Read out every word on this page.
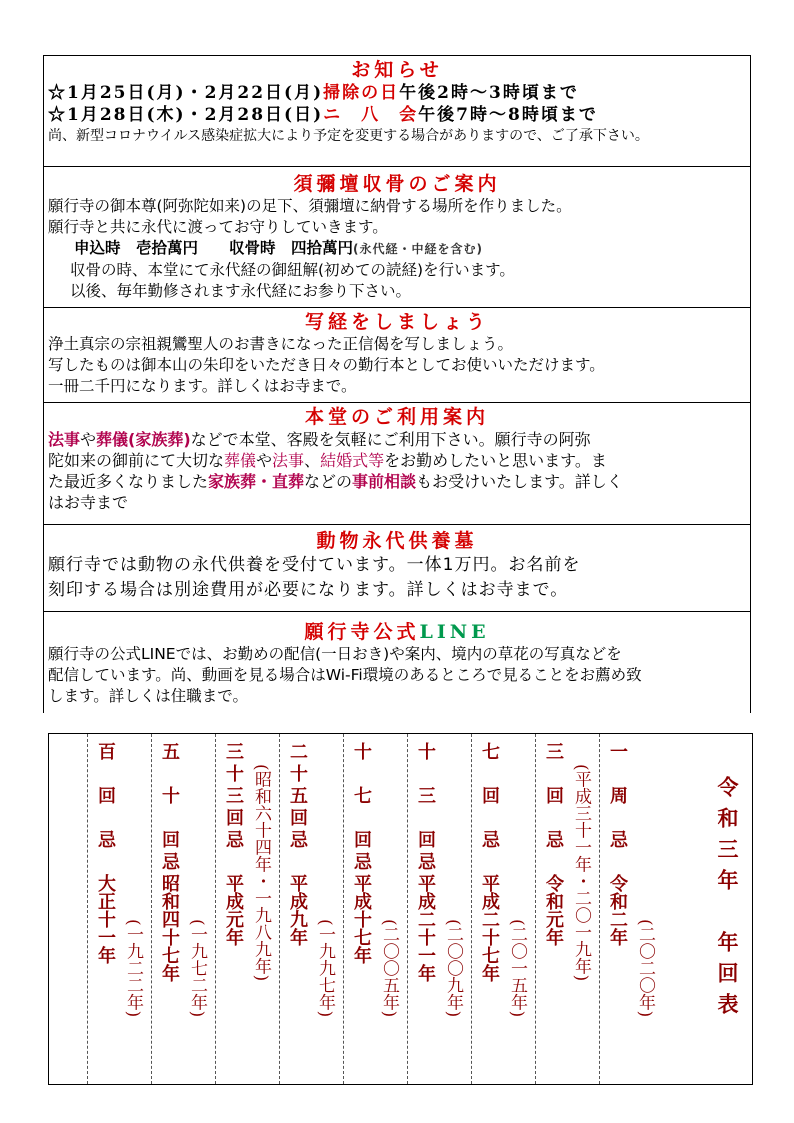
お知らせ
☆1月25日(月)・2月22日(月)掃除の日午後2時～3時頃まで
☆1月28日(木)・2月28日(日)ニ　八　会午後7時～8時頃まで
尚、新型コロナウイルス感染症拡大により予定を変更する場合がありますので、ご了承下さい。
須彌壇収骨のご案内
願行寺の御本尊(阿弥陀如来)の足下、須彌壇に納骨する場所を作りました。
願行寺と共に永代に渡ってお守りしていきます。
申込時　壱拾萬円　　収骨時　四拾萬円(永代経・中経を含む)
収骨の時、本堂にて永代経の御紐解(初めての読経)を行います。
以後、毎年勤修されます永代経にお参り下さい。
写経をしましょう
浄土真宗の宗祖親鸞聖人のお書きになった正信偈を写しましょう。
写したものは御本山の朱印をいただき日々の勤行本としてお使いいただけます。
一冊二千円になります。詳しくはお寺まで。
本堂のご利用案内
法事や葬儀(家族葬)などで本堂、客殿を気軽にご利用下さい。願行寺の阿弥
陀如来の御前にて大切な葬儀や法事、結婚式等をお勤めしたいと思います。ま
た最近多くなりました家族葬・直葬などの事前相談もお受けいたします。詳しく
はお寺まで
動物永代供養墓
願行寺では動物の永代供養を受付ています。一体1万円。お名前を
刻印する場合は別途費用が必要になります。詳しくはお寺まで。
願行寺公式LINE
願行寺の公式LINEでは、お勤めの配信(一日おき)や案内、境内の草花の写真などを
配信しています。尚、動画を見る場合はWi-Fi環境のあるところで見ることをお薦め致
します。詳しくは住職まで。
令和三年　年回表
一　周　忌
令和二年
(二〇二〇年)
三　回　忌
令和元年 (平成三十一年・二〇一九年)
七　回　忌
平成二十七年 (二〇一五年)
十　三　回忌
平成二十一年 (二〇〇九年)
十　七　回忌
平成十七年 (二〇〇五年)
二十五回忌
平成九年
(一九九七年)
三十三回忌
平成元年 (昭和六十四年・一九八九年)
五　十　回忌
昭和四十七年 (一九七二年)
百　回　忌
大正十一年 (一九二二年)
